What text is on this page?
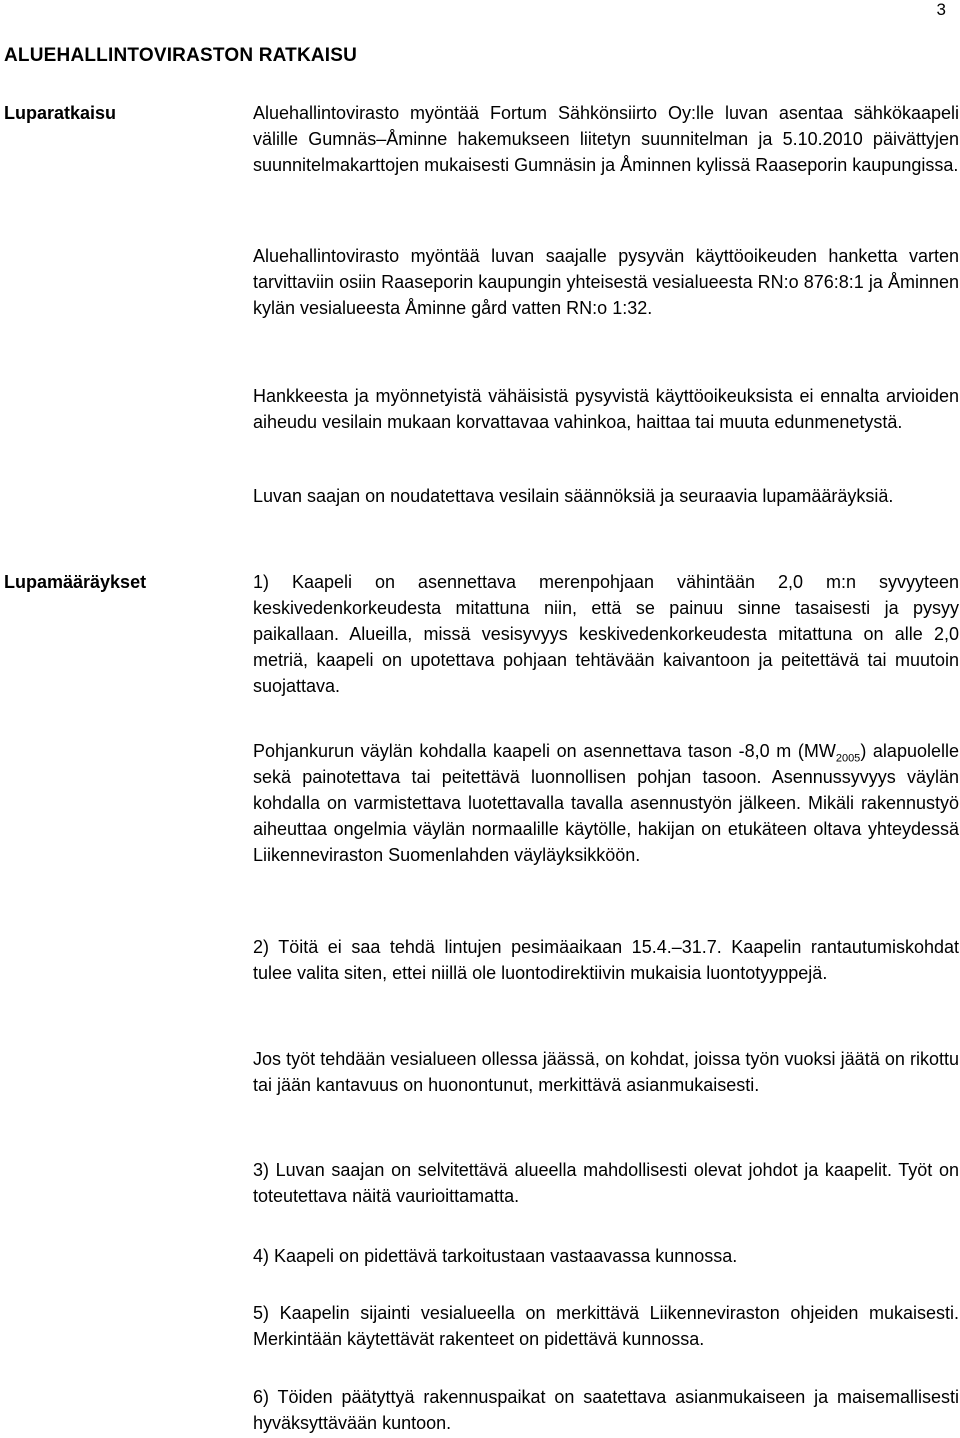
3
ALUEHALLINTOVIRASTON RATKAISU
Luparatkaisu	Aluehallintovirasto myöntää Fortum Sähkönsiirto Oy:lle luvan asentaa sähkökaapeli välille Gumnäs–Åminne hakemukseen liitetyn suunnitelman ja 5.10.2010 päivättyjen suunnitelmakarttojen mukaisesti Gumnäsin ja Åminnen kylissä Raaseporin kaupungissa.

Aluehallintovirasto myöntää luvan saajalle pysyvän käyttöoikeuden hanketta varten tarvittaviin osiin Raaseporin kaupungin yhteisestä vesialueesta RN:o 876:8:1 ja Åminnen kylän vesialueesta Åminne gård vatten RN:o 1:32.

Hankkeesta ja myönnetyistä vähäisistä pysyvistä käyttöoikeuksista ei ennalta arvioiden aiheudu vesilain mukaan korvattavaa vahinkoa, haittaa tai muuta edunmenetystä.

Luvan saajan on noudatettava vesilain säännöksiä ja seuraavia lupamääräyksiä.

Lupamääräykset	1) Kaapeli on asennettava merenpohjaan vähintään 2,0 m:n syvyyteen keskivedenkorkeudesta mitattuna niin, että se painuu sinne tasaisesti ja pysyy paikallaan. Alueilla, missä vesisyvyys keskivedenkorkeudesta mitattuna on alle 2,0 metriä, kaapeli on upotettava pohjaan tehtävään kaivantoon ja peitettävä tai muutoin suojattava.

Pohjankurun väylän kohdalla kaapeli on asennettava tason -8,0 m $(MW_{2005})$ alapuolelle sekä painotettava tai peitettävä luonnollisen pohjan tasoon. Asennussyvyys väylän kohdalla on varmistettava luotettavalla tavalla asennustyön jälkeen. Mikäli rakennustyö aiheuttaa ongelmia väylän normaalille käytölle, hakijan on etukäteen oltava yhteydessä Liikenneviraston Suomenlahden väyläyksikköön.

2) Töitä ei saa tehdä lintujen pesimäaikaan 15.4.–31.7. Kaapelin rantautumiskohdat tulee valita siten, ettei niillä ole luontodirektiivin mukaisia luontotyyppejä.

Jos työt tehdään vesialueen ollessa jäässä, on kohdat, joissa työn vuoksi jäätä on rikottu tai jään kantavuus on huonontunut, merkittävä asianmukaisesti.

3) Luvan saajan on selvitettävä alueella mahdollisesti olevat johdot ja kaapelit. Työt on toteutettava näitä vaurioittamatta.

4) Kaapeli on pidettävä tarkoitustaan vastaavassa kunnossa.

5) Kaapelin sijainti vesialueella on merkittävä Liikenneviraston ohjeiden mukaisesti. Merkintään käytettävät rakenteet on pidettävä kunnossa.

6) Töiden päätyttyä rakennuspaikat on saatettava asianmukaiseen ja maisemallisesti hyväksyttävään kuntoon.
